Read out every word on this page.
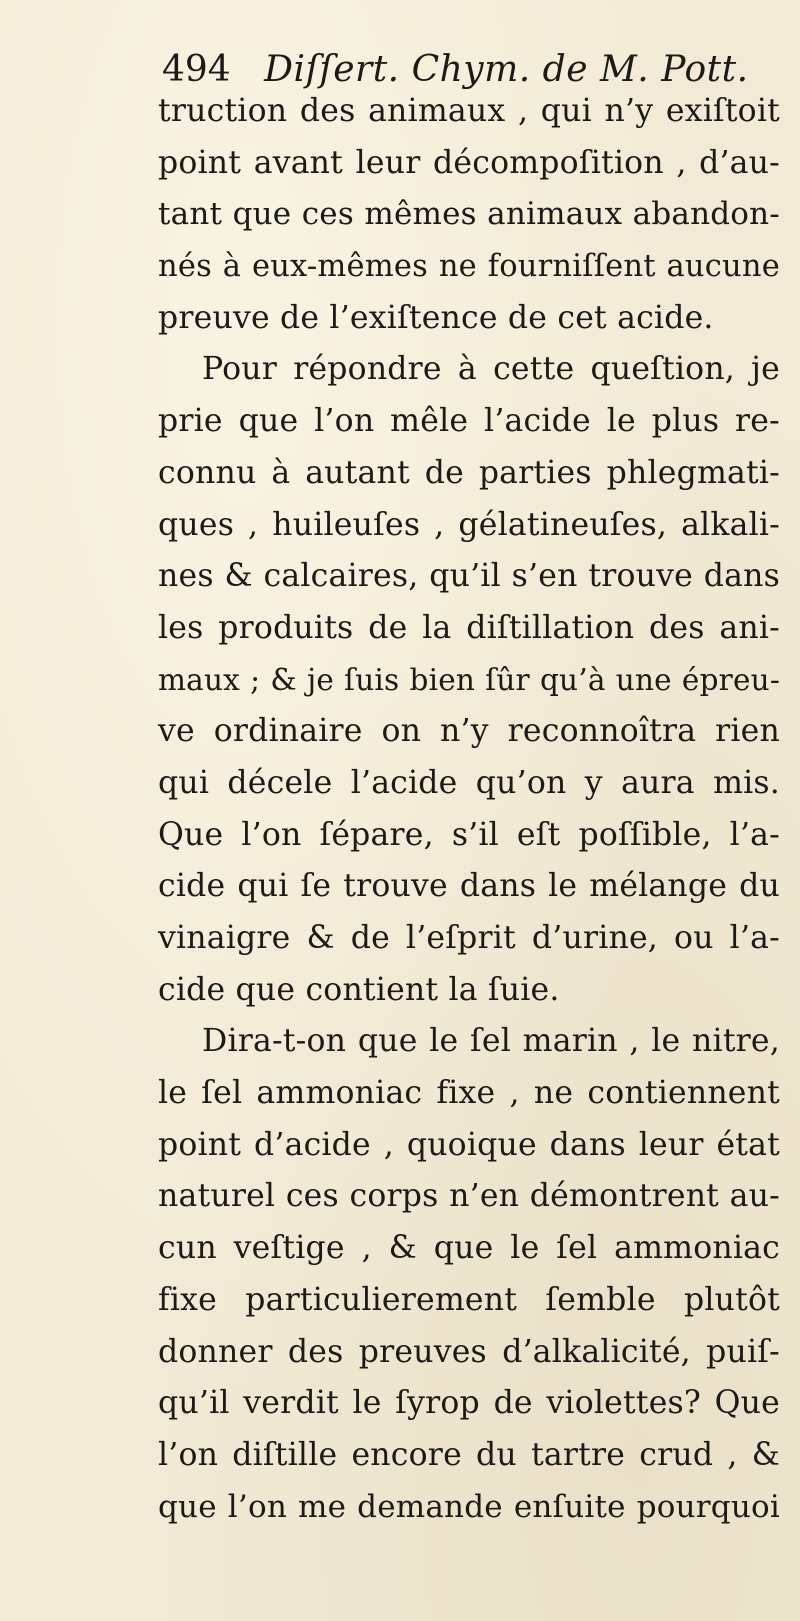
494 Diſſert. Chym. de M. Pott.
truction des animaux , qui n’y exiſtoit
point avant leur décompoſition , d’au-
tant que ces mêmes animaux abandon-
nés à eux-mêmes ne fourniſſent aucune
preuve de l’exiſtence de cet acide.
Pour répondre à cette queſtion, je
prie que l’on mêle l’acide le plus re-
connu à autant de parties phlegmati-
ques , huileuſes , gélatineuſes, alkali-
nes & calcaires, qu’il s’en trouve dans
les produits de la diſtillation des ani-
maux ; & je ſuis bien ſûr qu’à une épreu-
ve ordinaire on n’y reconnoîtra rien
qui décele l’acide qu’on y aura mis.
Que l’on ſépare, s’il eſt poſſible, l’a-
cide qui ſe trouve dans le mélange du
vinaigre & de l’eſprit d’urine, ou l’a-
cide que contient la ſuie.
Dira-t-on que le ſel marin , le nitre,
le ſel ammoniac fixe , ne contiennent
point d’acide , quoique dans leur état
naturel ces corps n’en démontrent au-
cun veſtige , & que le ſel ammoniac
fixe particulierement ſemble plutôt
donner des preuves d’alkalicité, puiſ-
qu’il verdit le ſyrop de violettes? Que
l’on diſtille encore du tartre crud , &
que l’on me demande enſuite pourquoi
